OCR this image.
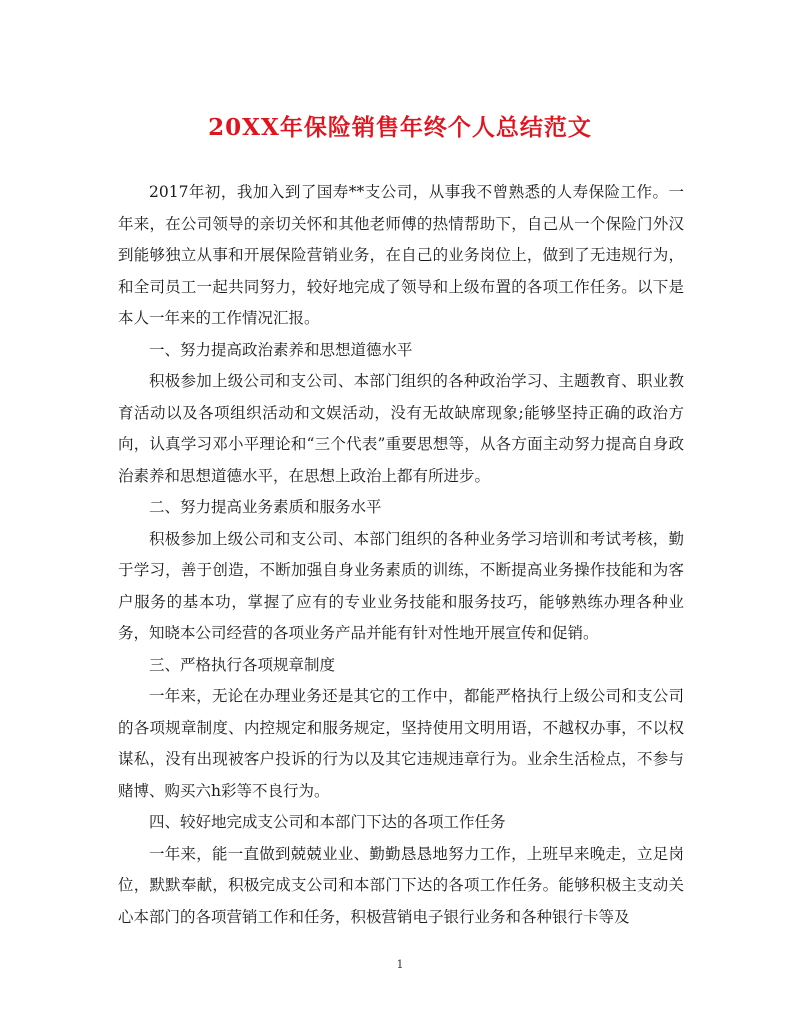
20XX年保险销售年终个人总结范文

2017年初，我加入到了国寿**支公司，从事我不曾熟悉的人寿保险工作。一年来，在公司领导的亲切关怀和其他老师傅的热情帮助下，自己从一个保险门外汉到能够独立从事和开展保险营销业务，在自己的业务岗位上，做到了无违规行为，和全司员工一起共同努力，较好地完成了领导和上级布置的各项工作任务。以下是本人一年来的工作情况汇报。

一、努力提高政治素养和思想道德水平

积极参加上级公司和支公司、本部门组织的各种政治学习、主题教育、职业教育活动以及各项组织活动和文娱活动，没有无故缺席现象;能够坚持正确的政治方向，认真学习邓小平理论和“三个代表”重要思想等，从各方面主动努力提高自身政治素养和思想道德水平，在思想上政治上都有所进步。

二、努力提高业务素质和服务水平

积极参加上级公司和支公司、本部门组织的各种业务学习培训和考试考核，勤于学习，善于创造，不断加强自身业务素质的训练，不断提高业务操作技能和为客户服务的基本功，掌握了应有的专业业务技能和服务技巧，能够熟练办理各种业务，知晓本公司经营的各项业务产品并能有针对性地开展宣传和促销。

三、严格执行各项规章制度

一年来，无论在办理业务还是其它的工作中，都能严格执行上级公司和支公司的各项规章制度、内控规定和服务规定，坚持使用文明用语，不越权办事，不以权谋私，没有出现被客户投诉的行为以及其它违规违章行为。业余生活检点，不参与赌博、购买六h彩等不良行为。

四、较好地完成支公司和本部门下达的各项工作任务

一年来，能一直做到兢兢业业、勤勤恳恳地努力工作，上班早来晚走，立足岗位，默默奉献，积极完成支公司和本部门下达的各项工作任务。能够积极主支动关心本部门的各项营销工作和任务，积极营销电子银行业务和各种银行卡等及

1
